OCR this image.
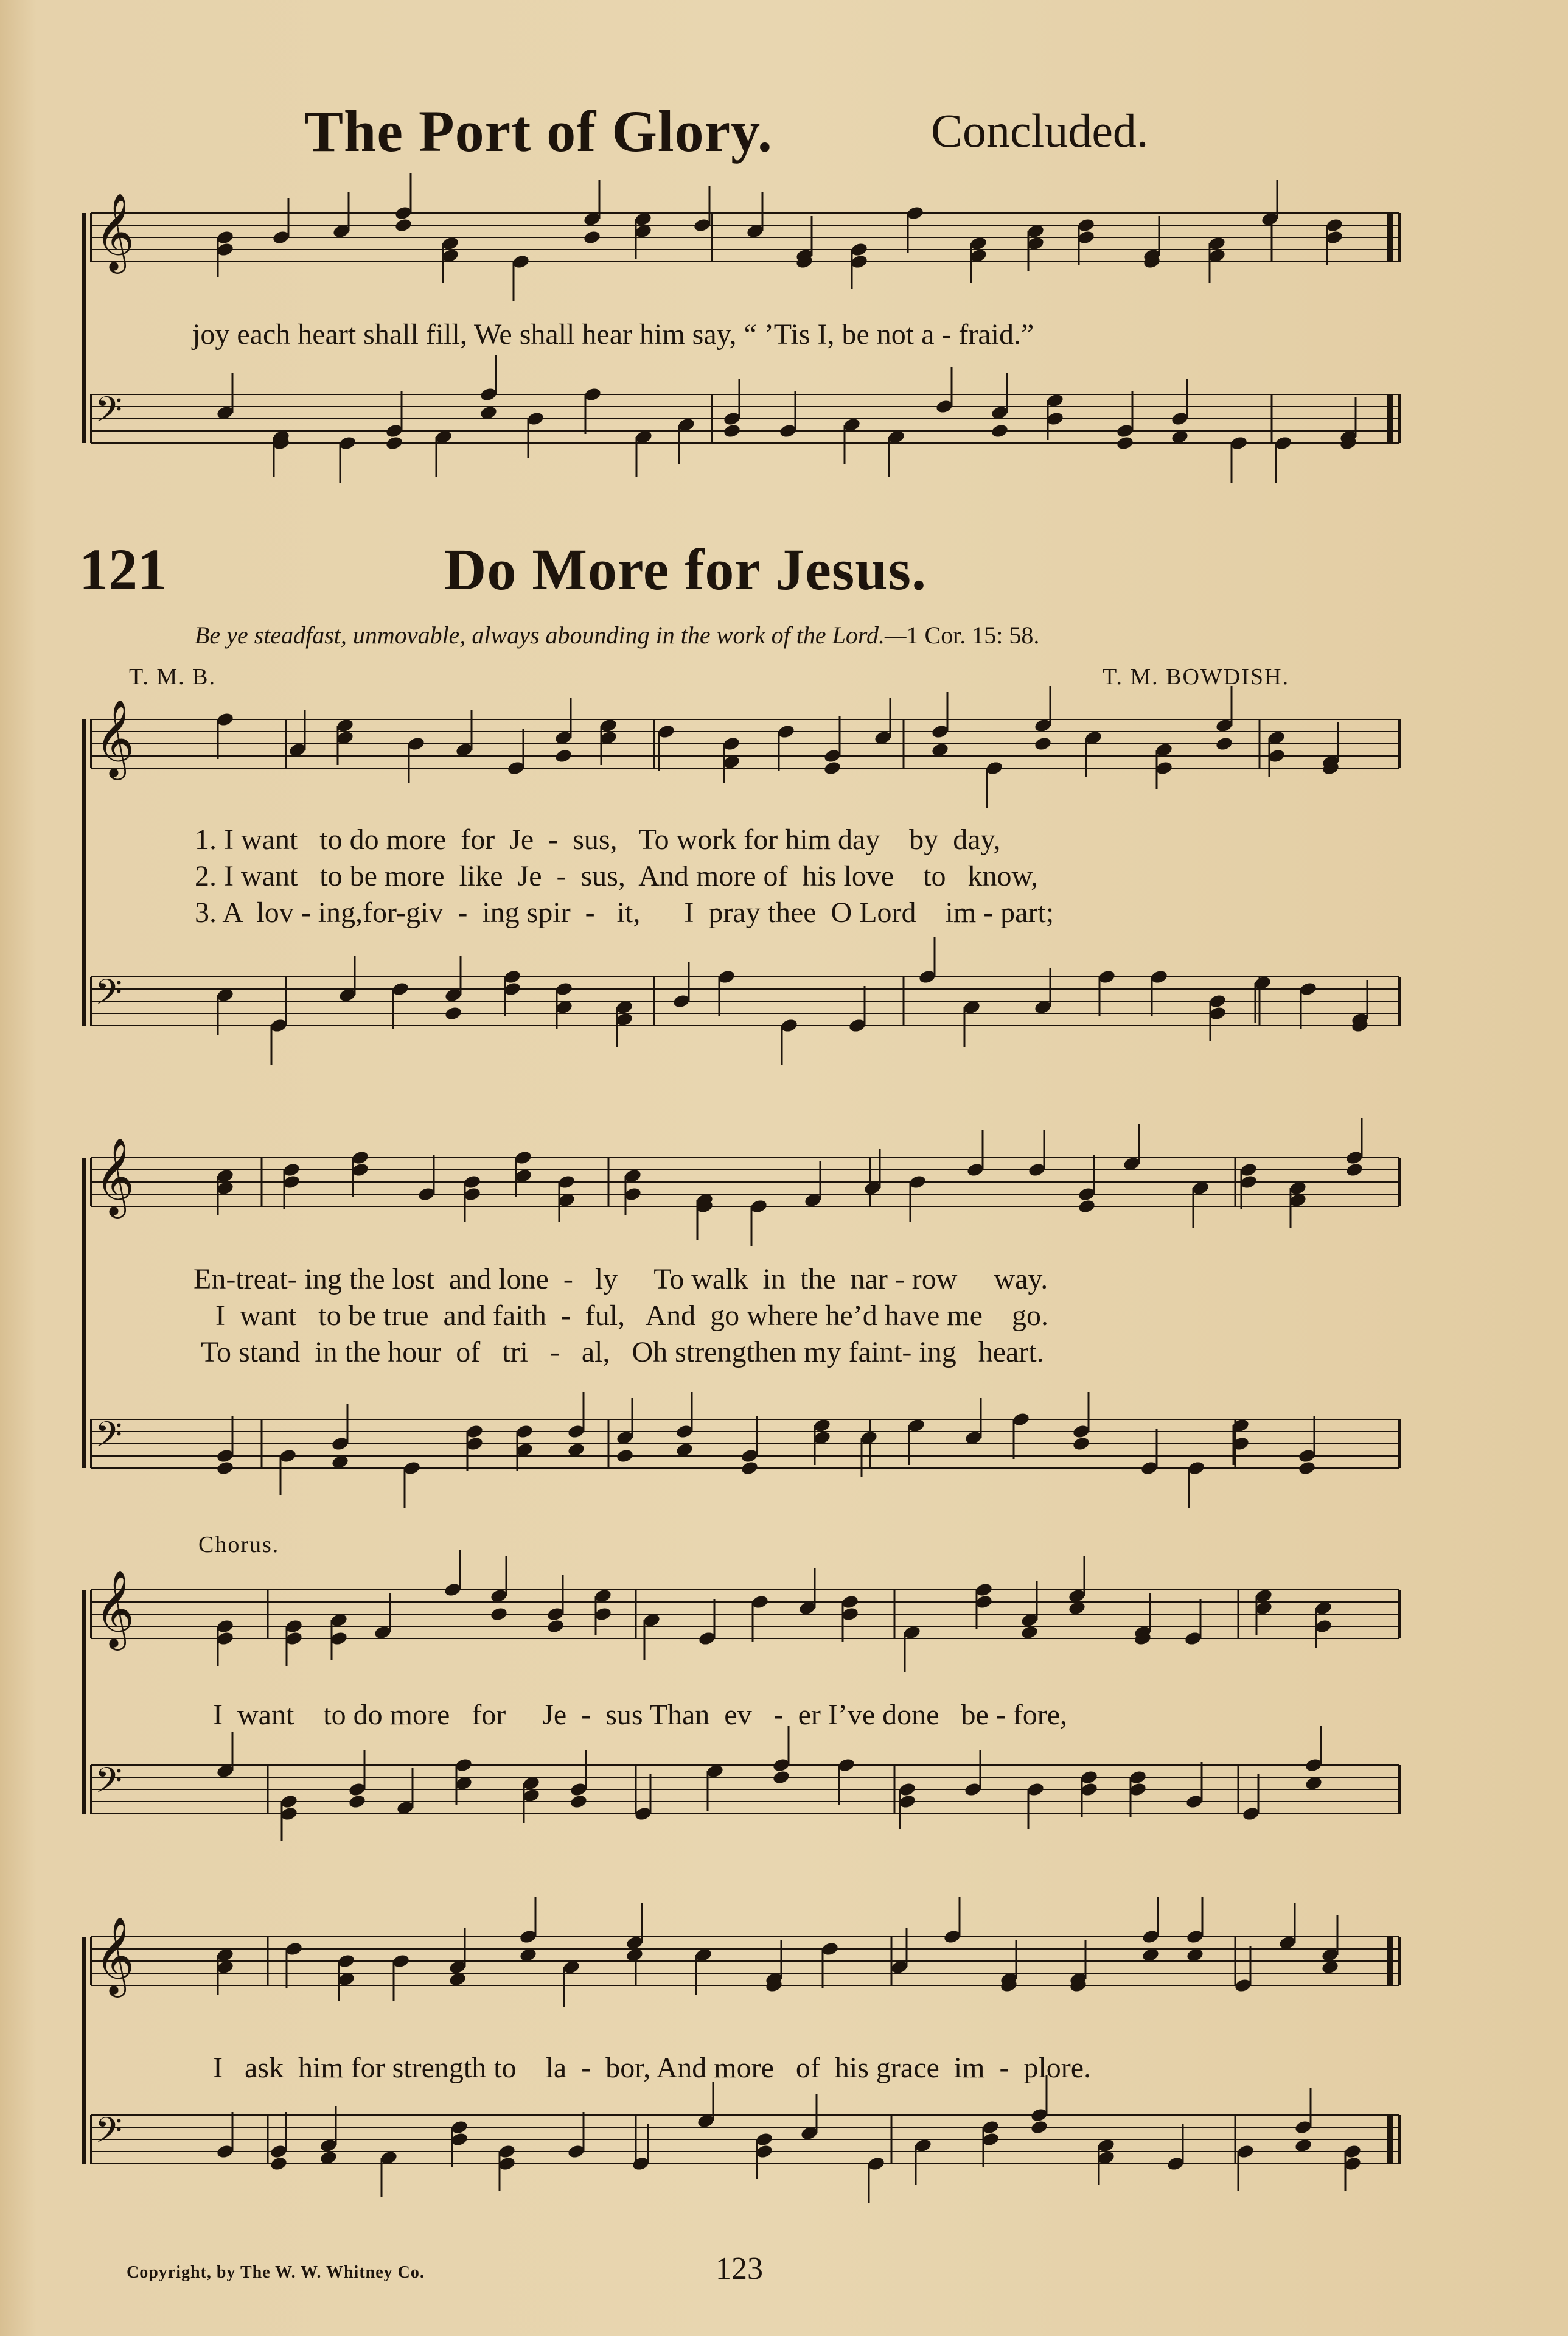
𝄞
𝄢
𝄞
𝄢
𝄞
𝄢
𝄞
𝄢
𝄞
𝄢
The Port of Glory.	Concluded.
joy each heart shall fill, We shall hear him say, “ ’Tis I, be not a - fraid.”
121	Do More for Jesus.
Be ye steadfast, unmovable, always abounding in the work of the Lord.—1 Cor. 15: 58.
T. M. B.	T. M. BOWDISH.
1. I want   to do more  for  Je  -  sus,   To work for him day    by  day,
2. I want   to be more  like  Je  -  sus,  And more of  his love    to   know,
3. A  lov - ing,for-giv  -  ing spir  -   it,      I  pray thee  O Lord    im - part;
En-treat- ing the lost  and lone  -   ly     To walk  in  the  nar - row     way.
I  want   to be true  and faith  -  ful,   And  go where he’d have me    go.
To stand  in the hour  of   tri   -   al,   Oh strengthen my faint- ing   heart.
Chorus.
I  want    to do more   for     Je  -  sus Than  ev   -  er I’ve done   be - fore,
I   ask  him for strength to    la  -  bor, And more   of  his grace  im  -  plore.
Copyright, by The W. W. Whitney Co.	123
